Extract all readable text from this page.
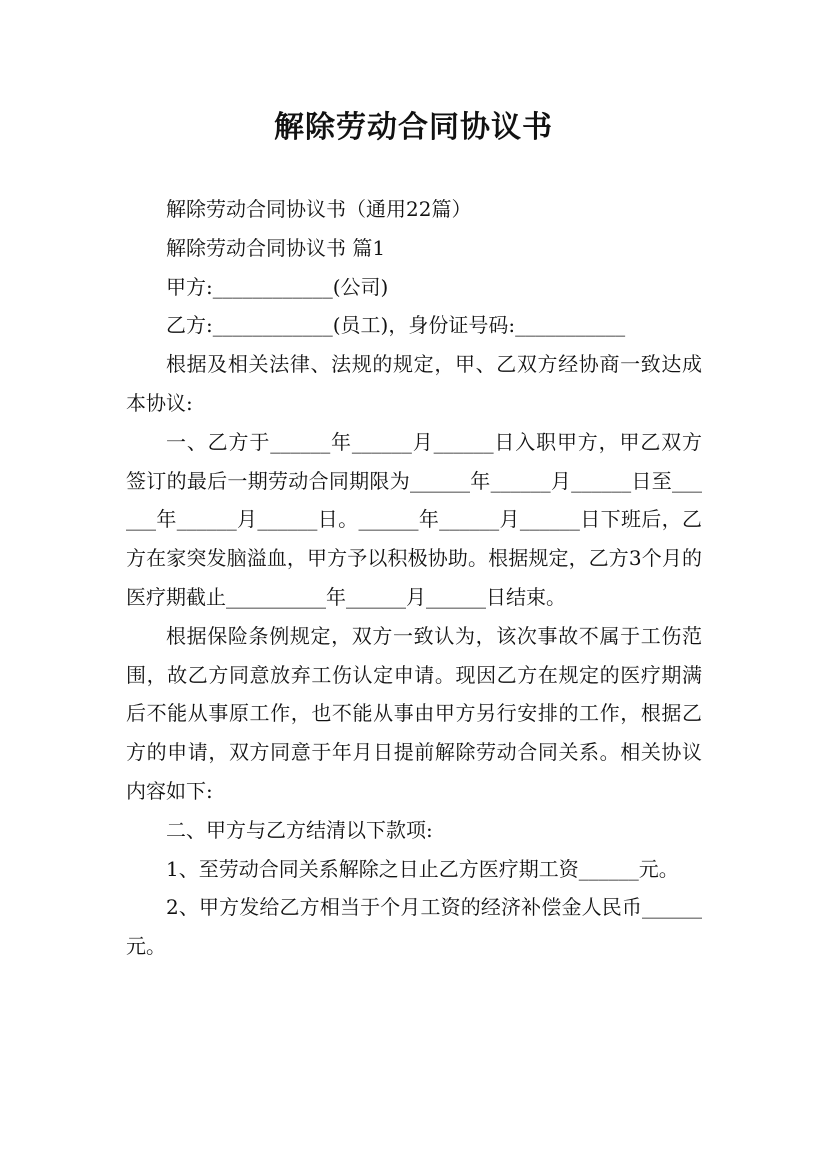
解除劳动合同协议书

解除劳动合同协议书（通用22篇）

解除劳动合同协议书 篇1

甲方:____________(公司)

乙方:____________(员工)，身份证号码:___________

根据及相关法律、法规的规定，甲、乙双方经协商一致达成本协议:

一、乙方于______年______月______日入职甲方，甲乙双方签订的最后一期劳动合同期限为______年______月______日至______年______月______日。______年______月______日下班后，乙方在家突发脑溢血，甲方予以积极协助。根据规定，乙方3个月的医疗期截止__________年______月______日结束。

根据保险条例规定，双方一致认为，该次事故不属于工伤范围，故乙方同意放弃工伤认定申请。现因乙方在规定的医疗期满后不能从事原工作，也不能从事由甲方另行安排的工作，根据乙方的申请，双方同意于年月日提前解除劳动合同关系。相关协议内容如下:

二、甲方与乙方结清以下款项:

1、至劳动合同关系解除之日止乙方医疗期工资______元。

2、甲方发给乙方相当于个月工资的经济补偿金人民币______元。
